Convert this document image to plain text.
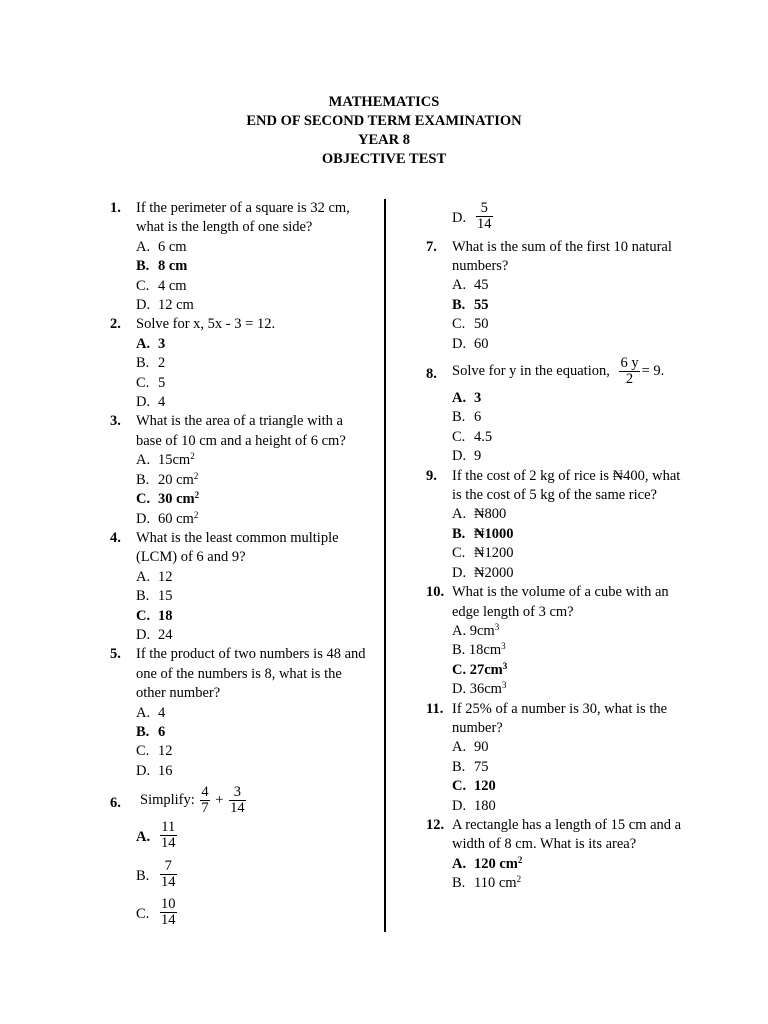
MATHEMATICS
END OF SECOND TERM EXAMINATION
YEAR 8
OBJECTIVE TEST
1. If the perimeter of a square is 32 cm, what is the length of one side?
A. 6 cm
B. 8 cm
C. 4 cm
D. 12 cm
2. Solve for x, 5x - 3 = 12.
A. 3
B. 2
C. 5
D. 4
3. What is the area of a triangle with a base of 10 cm and a height of 6 cm?
A. $15cm^2$
B. 20 $cm^2$
C. 30 $cm^2$
D. 60 $cm^2$
4. What is the least common multiple (LCM) of 6 and 9?
A. 12
B. 15
C. 18
D. 24
5. If the product of two numbers is 48 and one of the numbers is 8, what is the other number?
A. 4
B. 6
C. 12
D. 16
6. Simplify: $\frac{4}{7} + \frac{3}{14}$
A. $\frac{11}{14}$
B. $\frac{7}{14}$
C. $\frac{10}{14}$
D. $\frac{5}{14}$
7. What is the sum of the first 10 natural numbers?
A. 45
B. 55
C. 50
D. 60
8. Solve for y in the equation, $\frac{6 y}{2} = 9$.
A. 3
B. 6
C. 4.5
D. 9
9. If the cost of 2 kg of rice is ₦400, what is the cost of 5 kg of the same rice?
A. ₦800
B. ₦1000
C. ₦1200
D. ₦2000
10. What is the volume of a cube with an edge length of 3 cm?
A. $9cm^3$
B. $18cm^3$
C. $27cm^3$
D. $36cm^3$
11. If 25% of a number is 30, what is the number?
A. 90
B. 75
C. 120
D. 180
12. A rectangle has a length of 15 cm and a width of 8 cm. What is its area?
A. 120 $cm^2$
B. 110 $cm^2$
